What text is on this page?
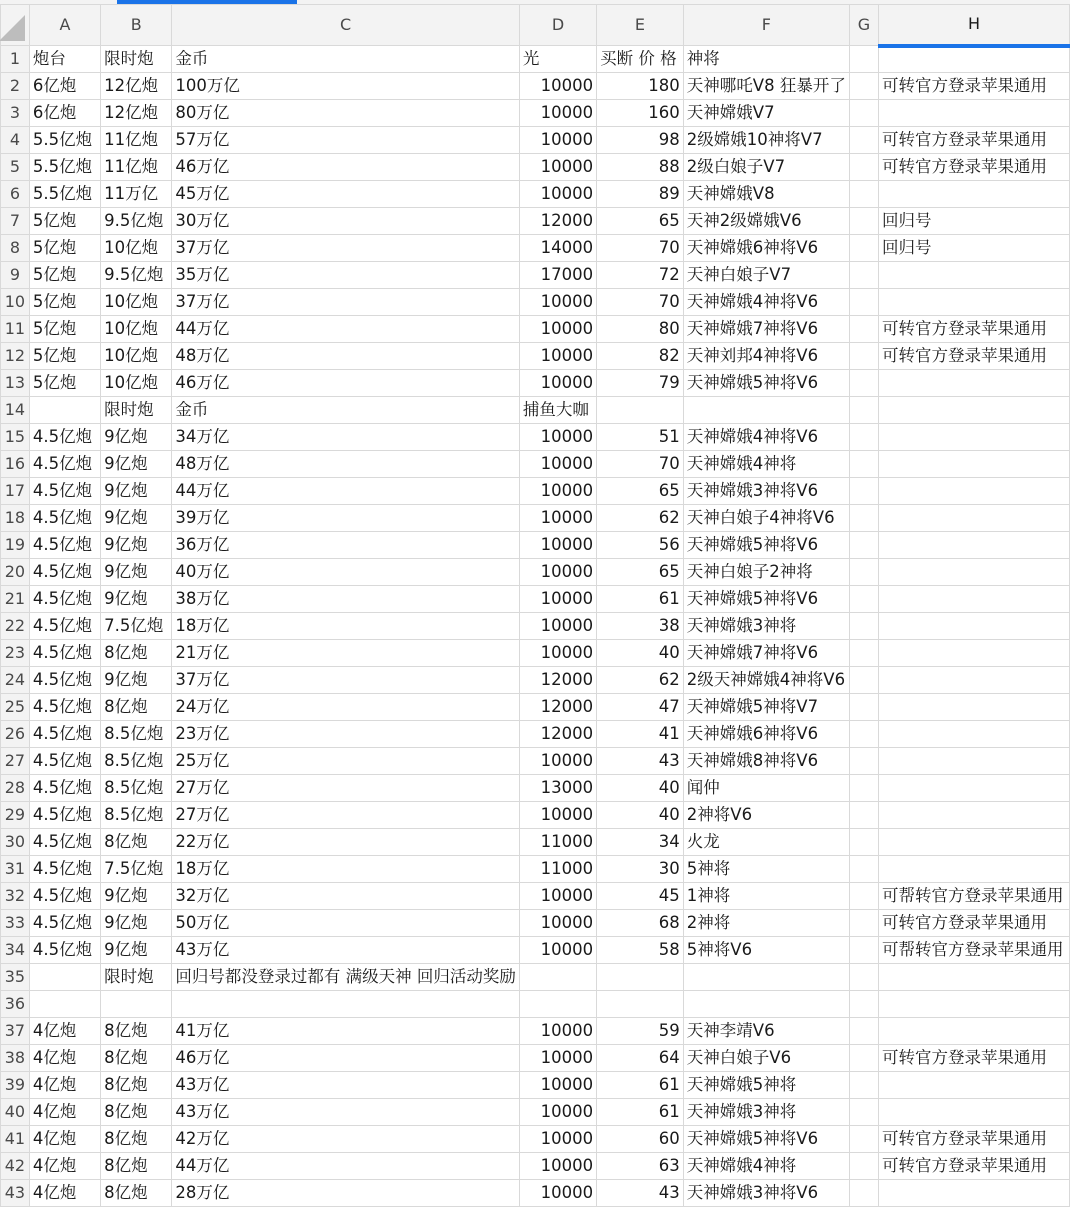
	A	B	C	D	E	F	G	H
1	炮台	限时炮	金币	光	买断 价 格	神将		
2	6亿炮	12亿炮	100万亿	10000	180	天神哪吒V8 狂暴开了		可转官方登录苹果通用
3	6亿炮	12亿炮	80万亿	10000	160	天神嫦娥V7		
4	5.5亿炮	11亿炮	57万亿	10000	98	2级嫦娥10神将V7		可转官方登录苹果通用
5	5.5亿炮	11亿炮	46万亿	10000	88	2级白娘子V7		可转官方登录苹果通用
6	5.5亿炮	11万亿	45万亿	10000	89	天神嫦娥V8		
7	5亿炮	9.5亿炮	30万亿	12000	65	天神2级嫦娥V6		回归号
8	5亿炮	10亿炮	37万亿	14000	70	天神嫦娥6神将V6		回归号
9	5亿炮	9.5亿炮	35万亿	17000	72	天神白娘子V7		
10	5亿炮	10亿炮	37万亿	10000	70	天神嫦娥4神将V6		
11	5亿炮	10亿炮	44万亿	10000	80	天神嫦娥7神将V6		可转官方登录苹果通用
12	5亿炮	10亿炮	48万亿	10000	82	天神刘邦4神将V6		可转官方登录苹果通用
13	5亿炮	10亿炮	46万亿	10000	79	天神嫦娥5神将V6		
14		限时炮	金币	捕鱼大咖				
15	4.5亿炮	9亿炮	34万亿	10000	51	天神嫦娥4神将V6		
16	4.5亿炮	9亿炮	48万亿	10000	70	天神嫦娥4神将		
17	4.5亿炮	9亿炮	44万亿	10000	65	天神嫦娥3神将V6		
18	4.5亿炮	9亿炮	39万亿	10000	62	天神白娘子4神将V6		
19	4.5亿炮	9亿炮	36万亿	10000	56	天神嫦娥5神将V6		
20	4.5亿炮	9亿炮	40万亿	10000	65	天神白娘子2神将		
21	4.5亿炮	9亿炮	38万亿	10000	61	天神嫦娥5神将V6		
22	4.5亿炮	7.5亿炮	18万亿	10000	38	天神嫦娥3神将		
23	4.5亿炮	8亿炮	21万亿	10000	40	天神嫦娥7神将V6		
24	4.5亿炮	9亿炮	37万亿	12000	62	2级天神嫦娥4神将V6		
25	4.5亿炮	8亿炮	24万亿	12000	47	天神嫦娥5神将V7		
26	4.5亿炮	8.5亿炮	23万亿	12000	41	天神嫦娥6神将V6		
27	4.5亿炮	8.5亿炮	25万亿	10000	43	天神嫦娥8神将V6		
28	4.5亿炮	8.5亿炮	27万亿	13000	40	闻仲		
29	4.5亿炮	8.5亿炮	27万亿	10000	40	2神将V6		
30	4.5亿炮	8亿炮	22万亿	11000	34	火龙		
31	4.5亿炮	7.5亿炮	18万亿	11000	30	5神将		
32	4.5亿炮	9亿炮	32万亿	10000	45	1神将		可帮转官方登录苹果通用
33	4.5亿炮	9亿炮	50万亿	10000	68	2神将		可转官方登录苹果通用
34	4.5亿炮	9亿炮	43万亿	10000	58	5神将V6		可帮转官方登录苹果通用
35		限时炮	回归号都没登录过都有 满级天神 回归活动奖励					
36								
37	4亿炮	8亿炮	41万亿	10000	59	天神李靖V6		
38	4亿炮	8亿炮	46万亿	10000	64	天神白娘子V6		可转官方登录苹果通用
39	4亿炮	8亿炮	43万亿	10000	61	天神嫦娥5神将		
40	4亿炮	8亿炮	43万亿	10000	61	天神嫦娥3神将		
41	4亿炮	8亿炮	42万亿	10000	60	天神嫦娥5神将V6		可转官方登录苹果通用
42	4亿炮	8亿炮	44万亿	10000	63	天神嫦娥4神将		可转官方登录苹果通用
43	4亿炮	8亿炮	28万亿	10000	43	天神嫦娥3神将V6		
